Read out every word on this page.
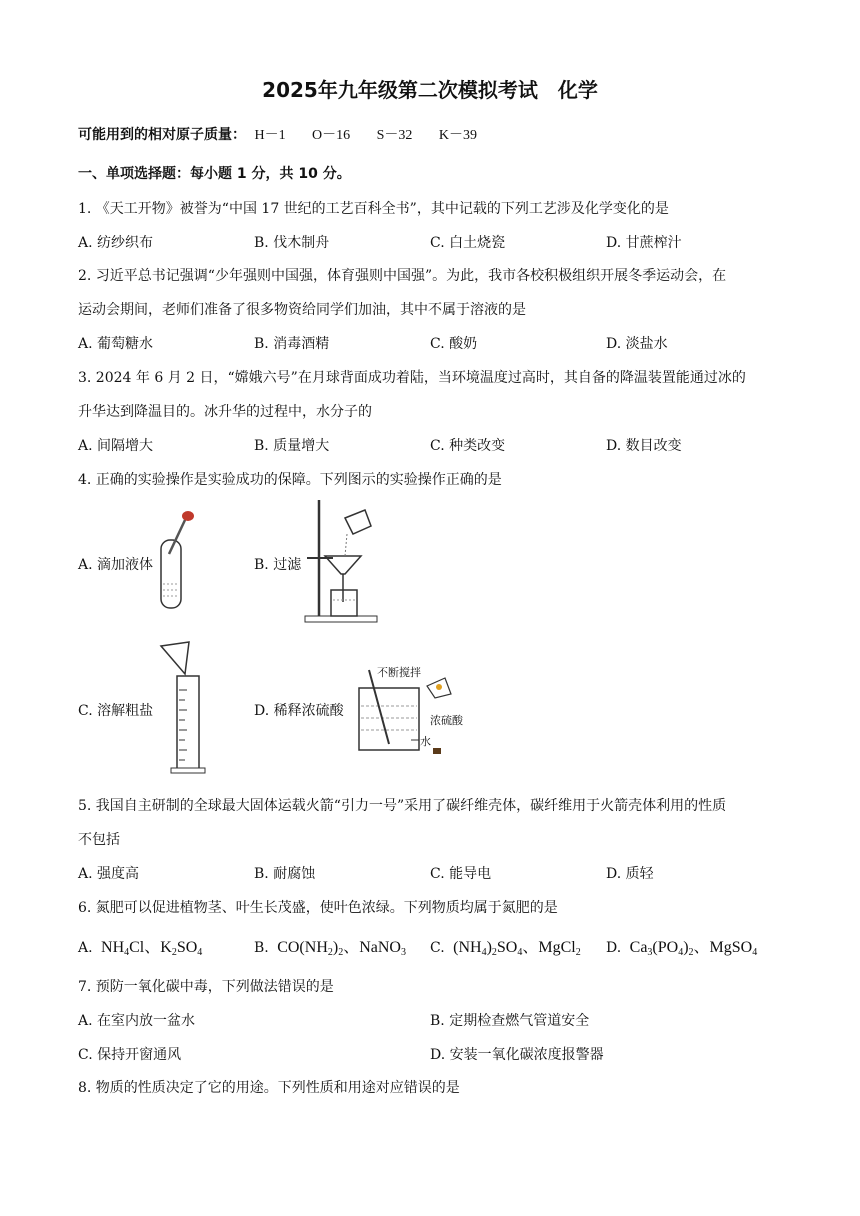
2025年九年级第二次模拟考试　化学
可能用到的相对原子质量： H－1 O－16 S－32 K－39
一、单项选择题：每小题 1 分，共 10 分。
1. 《天工开物》被誉为“中国 17 世纪的工艺百科全书”，其中记载的下列工艺涉及化学变化的是
A. 纺纱织布	B. 伐木制舟	C. 白土烧瓷	D. 甘蔗榨汁
2. 习近平总书记强调“少年强则中国强，体育强则中国强”。为此，我市各校积极组织开展冬季运动会，在
运动会期间，老师们准备了很多物资给同学们加油，其中不属于溶液的是
A. 葡萄糖水	B. 消毒酒精	C. 酸奶	D. 淡盐水
3. 2024 年 6 月 2 日，“嫦娥六号”在月球背面成功着陆，当环境温度过高时，其自备的降温装置能通过冰的
升华达到降温目的。冰升华的过程中，水分子的
A. 间隔增大	B. 质量增大	C. 种类改变	D. 数目改变
4. 正确的实验操作是实验成功的保障。下列图示的实验操作正确的是
A. 滴加液体	B. 过滤
C. 溶解粗盐	D. 稀释浓硫酸
不断搅拌
浓硫酸
水
5. 我国自主研制的全球最大固体运载火箭“引力一号”采用了碳纤维壳体，碳纤维用于火箭壳体利用的性质
不包括
A. 强度高	B. 耐腐蚀	C. 能导电	D. 质轻
6. 氮肥可以促进植物茎、叶生长茂盛，使叶色浓绿。下列物质均属于氮肥的是
A.  $NH_4Cl$、$K_2SO_4$	B.  $CO(NH_2)_2$、NaNO$_3$ C.  $(NH_4)_2SO_4$、MgCl$_2$ D.  $Ca_3(PO_4)_2$、MgSO$_4$
7. 预防一氧化碳中毒，下列做法错误的是
A. 在室内放一盆水	B. 定期检查燃气管道安全
C. 保持开窗通风	D. 安装一氧化碳浓度报警器
8. 物质的性质决定了它的用途。下列性质和用途对应错误的是
